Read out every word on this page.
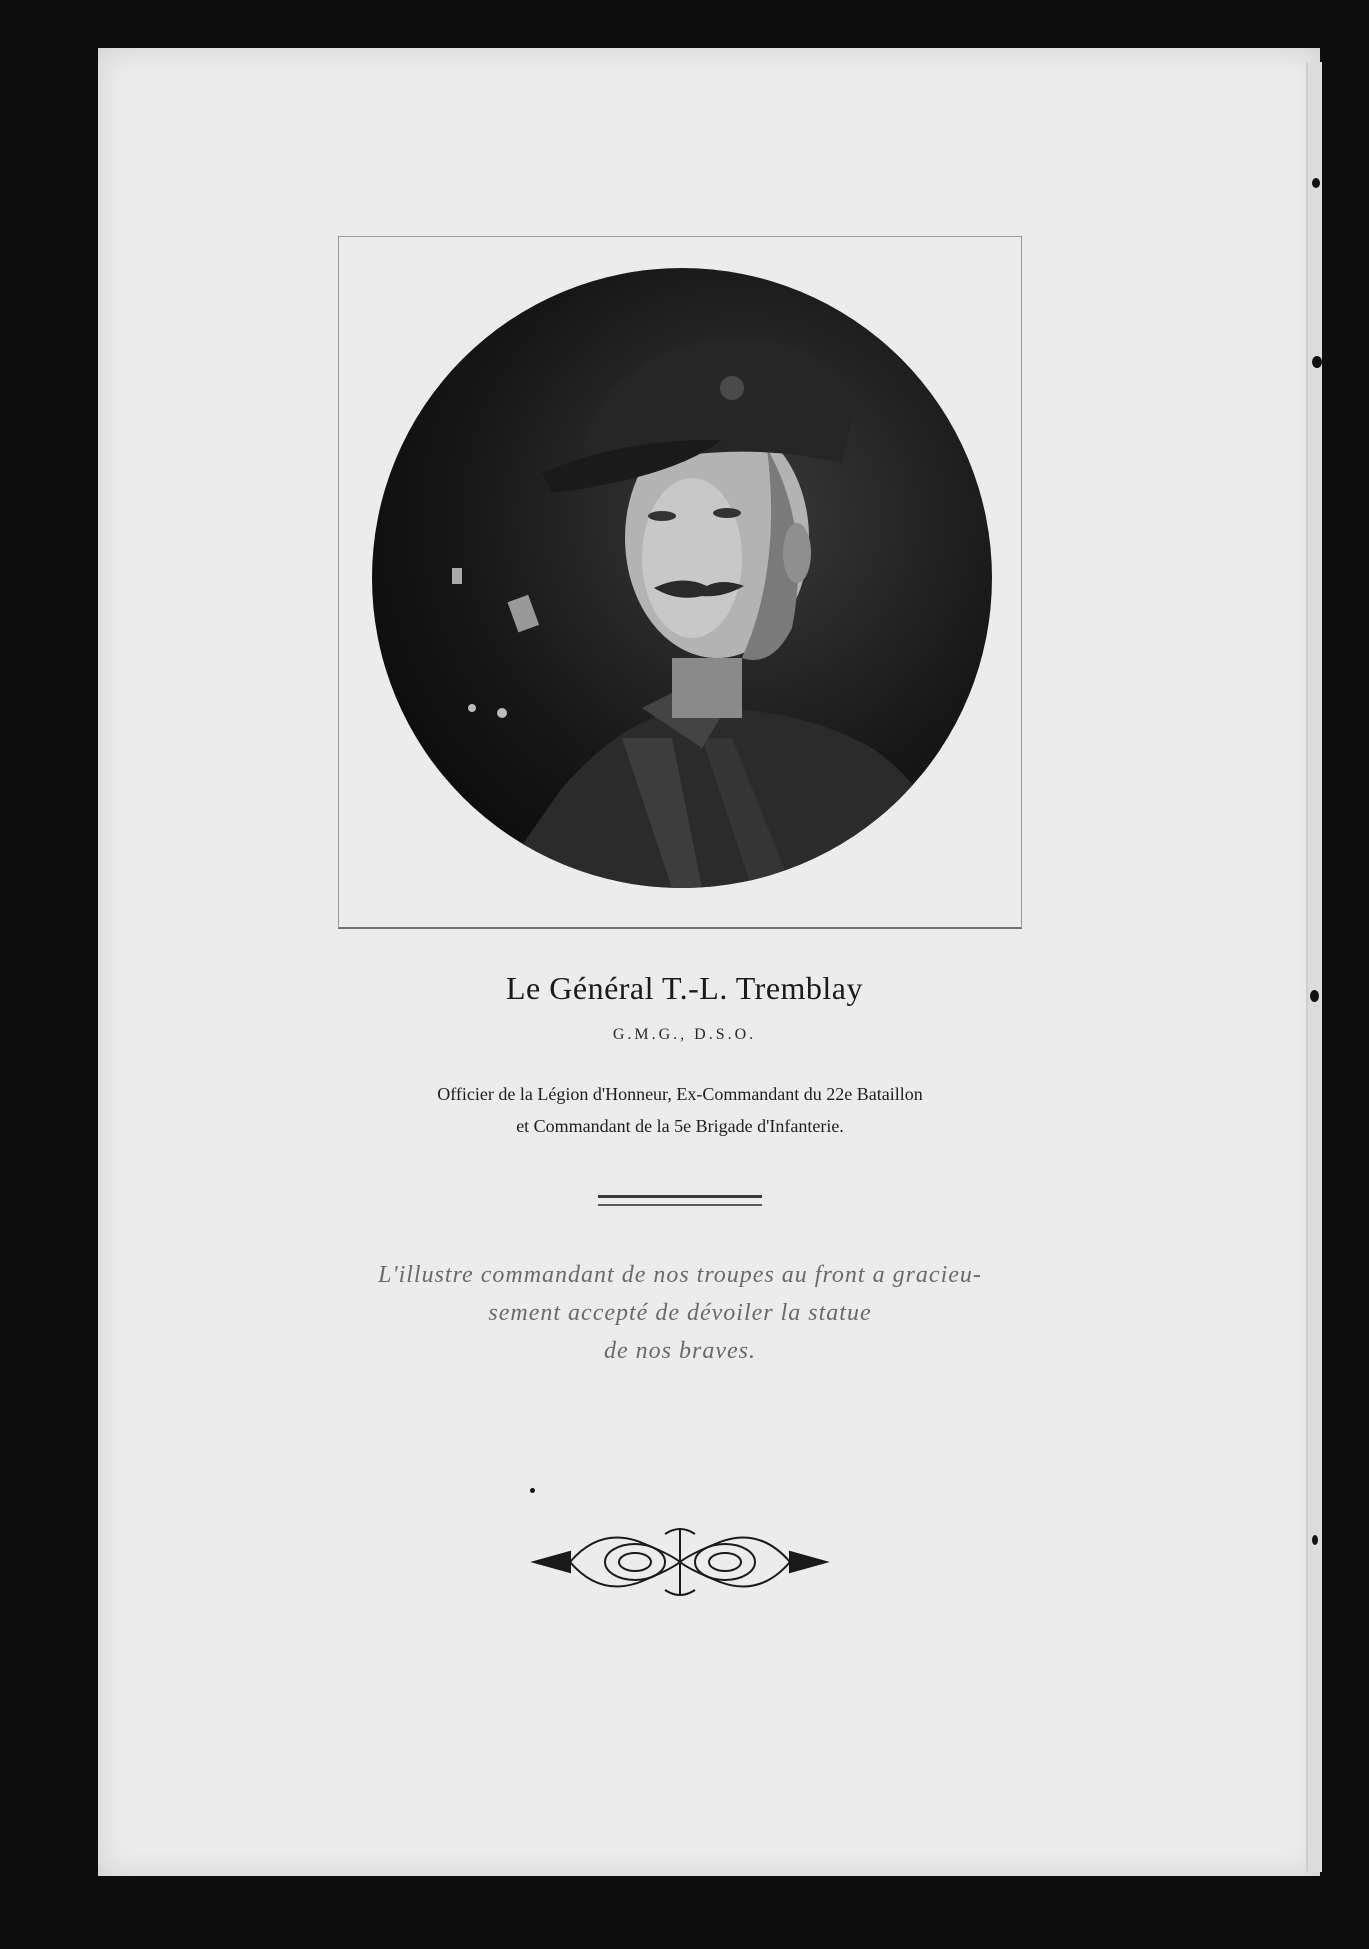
Le Général T.-L. Tremblay
G.M.G., D.S.O.
Officier de la Légion d'Honneur, Ex-Commandant du 22e Bataillon
et Commandant de la 5e Brigade d'Infanterie.
L'illustre commandant de nos troupes au front a gracieu-
sement accepté de dévoiler la statue
de nos braves.
